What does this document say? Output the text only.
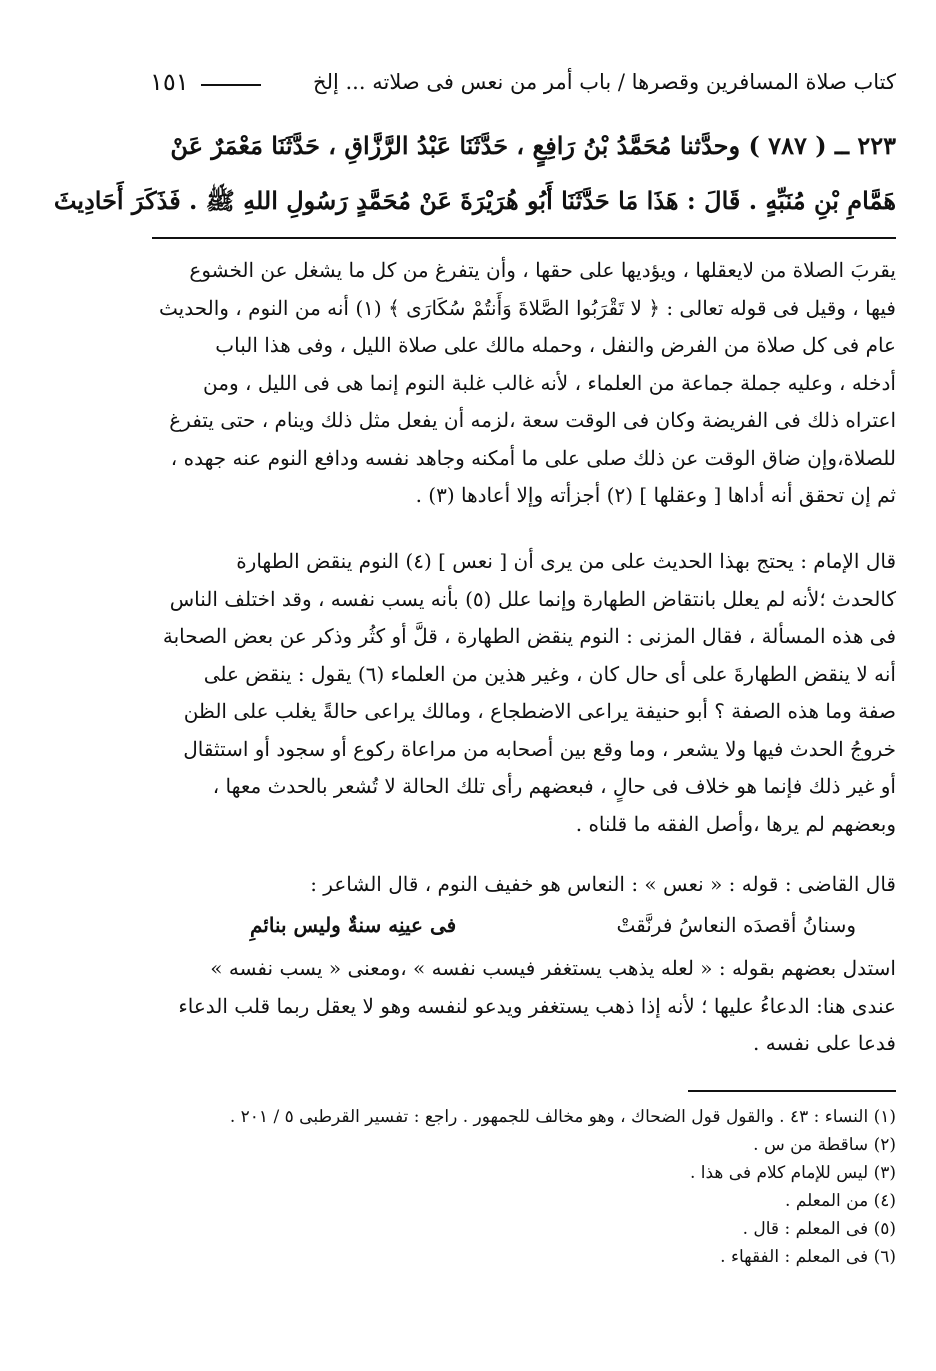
كتاب صلاة المسافرين وقصرها / باب أمر من نعس فى صلاته ... إلخ
١٥١
٢٢٣ ــ ( ٧٨٧ ) وحدَّثنا مُحَمَّدُ بْنُ رَافِعٍ ، حَدَّثَنَا عَبْدُ الرَّزَّاقِ ، حَدَّثَنَا مَعْمَرٌ عَنْ
هَمَّامِ بْنِ مُنَبِّهٍ . قَالَ : هَذَا مَا حَدَّثَنَا أَبُو هُرَيْرَةَ عَنْ مُحَمَّدٍ رَسُولِ اللهِ ﷺ . فَذَكَرَ أَحَادِيثَ
يقربَ الصلاة من لايعقلها ، ويؤديها على حقها ، وأن يتفرغ من كل ما يشغل عن الخشوع
فيها ، وقيل فى قوله تعالى : ﴿ لا تَقْرَبُوا الصَّلاةَ وَأَنتُمْ سُكَارَى ﴾ (١) أنه من النوم ، والحديث
عام فى كل صلاة من الفرض والنفل ، وحمله مالك على صلاة الليل ، وفى هذا الباب
أدخله ، وعليه جملة جماعة من العلماء ، لأنه غالب غلبة النوم إنما هى فى الليل ، ومن
اعتراه ذلك فى الفريضة وكان فى الوقت سعة ،لزمه أن يفعل مثل ذلك وينام ، حتى يتفرغ
للصلاة،وإن ضاق الوقت عن ذلك صلى على ما أمكنه وجاهد نفسه ودافع النوم عنه جهده ،
ثم إن تحقق أنه أداها [ وعقلها ] (٢) أجزأته وإلا أعادها (٣) .
قال الإمام : يحتج بهذا الحديث على من يرى أن [ نعس ] (٤) النوم ينقض الطهارة
كالحدث ؛لأنه لم يعلل بانتقاض الطهارة وإنما علل (٥) بأنه يسب نفسه ، وقد اختلف الناس
فى هذه المسألة ، فقال المزنى : النوم ينقض الطهارة ، قلَّ أو كثُر وذكر عن بعض الصحابة
أنه لا ينقض الطهارةَ على أى حال كان ، وغير هذين من العلماء (٦) يقول : ينقض على
صفة وما هذه الصفة ؟ أبو حنيفة يراعى الاضطجاع ، ومالك يراعى حالةً يغلب على الظن
خروجُ الحدث فيها ولا يشعر ، وما وقع بين أصحابه من مراعاة ركوع أو سجود أو استثقال
أو غير ذلك فإنما هو خلاف فى حالٍ ، فبعضهم رأى تلك الحالة لا تُشعر بالحدث معها ،
وبعضهم لم يرها ،وأصل الفقه ما قلناه .
قال القاضى : قوله : « نعس » : النعاس هو خفيف النوم ، قال الشاعر :
وسنانُ أقصدَه النعاسُ فرنَّقتْ
فى عينِه سنةٌ وليس بنائمِ
استدل بعضهم بقوله : « لعله يذهب يستغفر فيسب نفسه » ،ومعنى « يسب نفسه »
عندى هنا: الدعاءُ عليها ؛ لأنه إذا ذهب يستغفر ويدعو لنفسه وهو لا يعقل ربما قلب الدعاء
فدعا على نفسه .
(١) النساء : ٤٣ . والقول قول الضحاك ، وهو مخالف للجمهور . راجع : تفسير القرطبى ٥ / ٢٠١ .
(٢) ساقطة من س .
(٣) ليس للإمام كلام فى هذا .
(٤) من المعلم .
(٥) فى المعلم : قال .
(٦) فى المعلم : الفقهاء .
